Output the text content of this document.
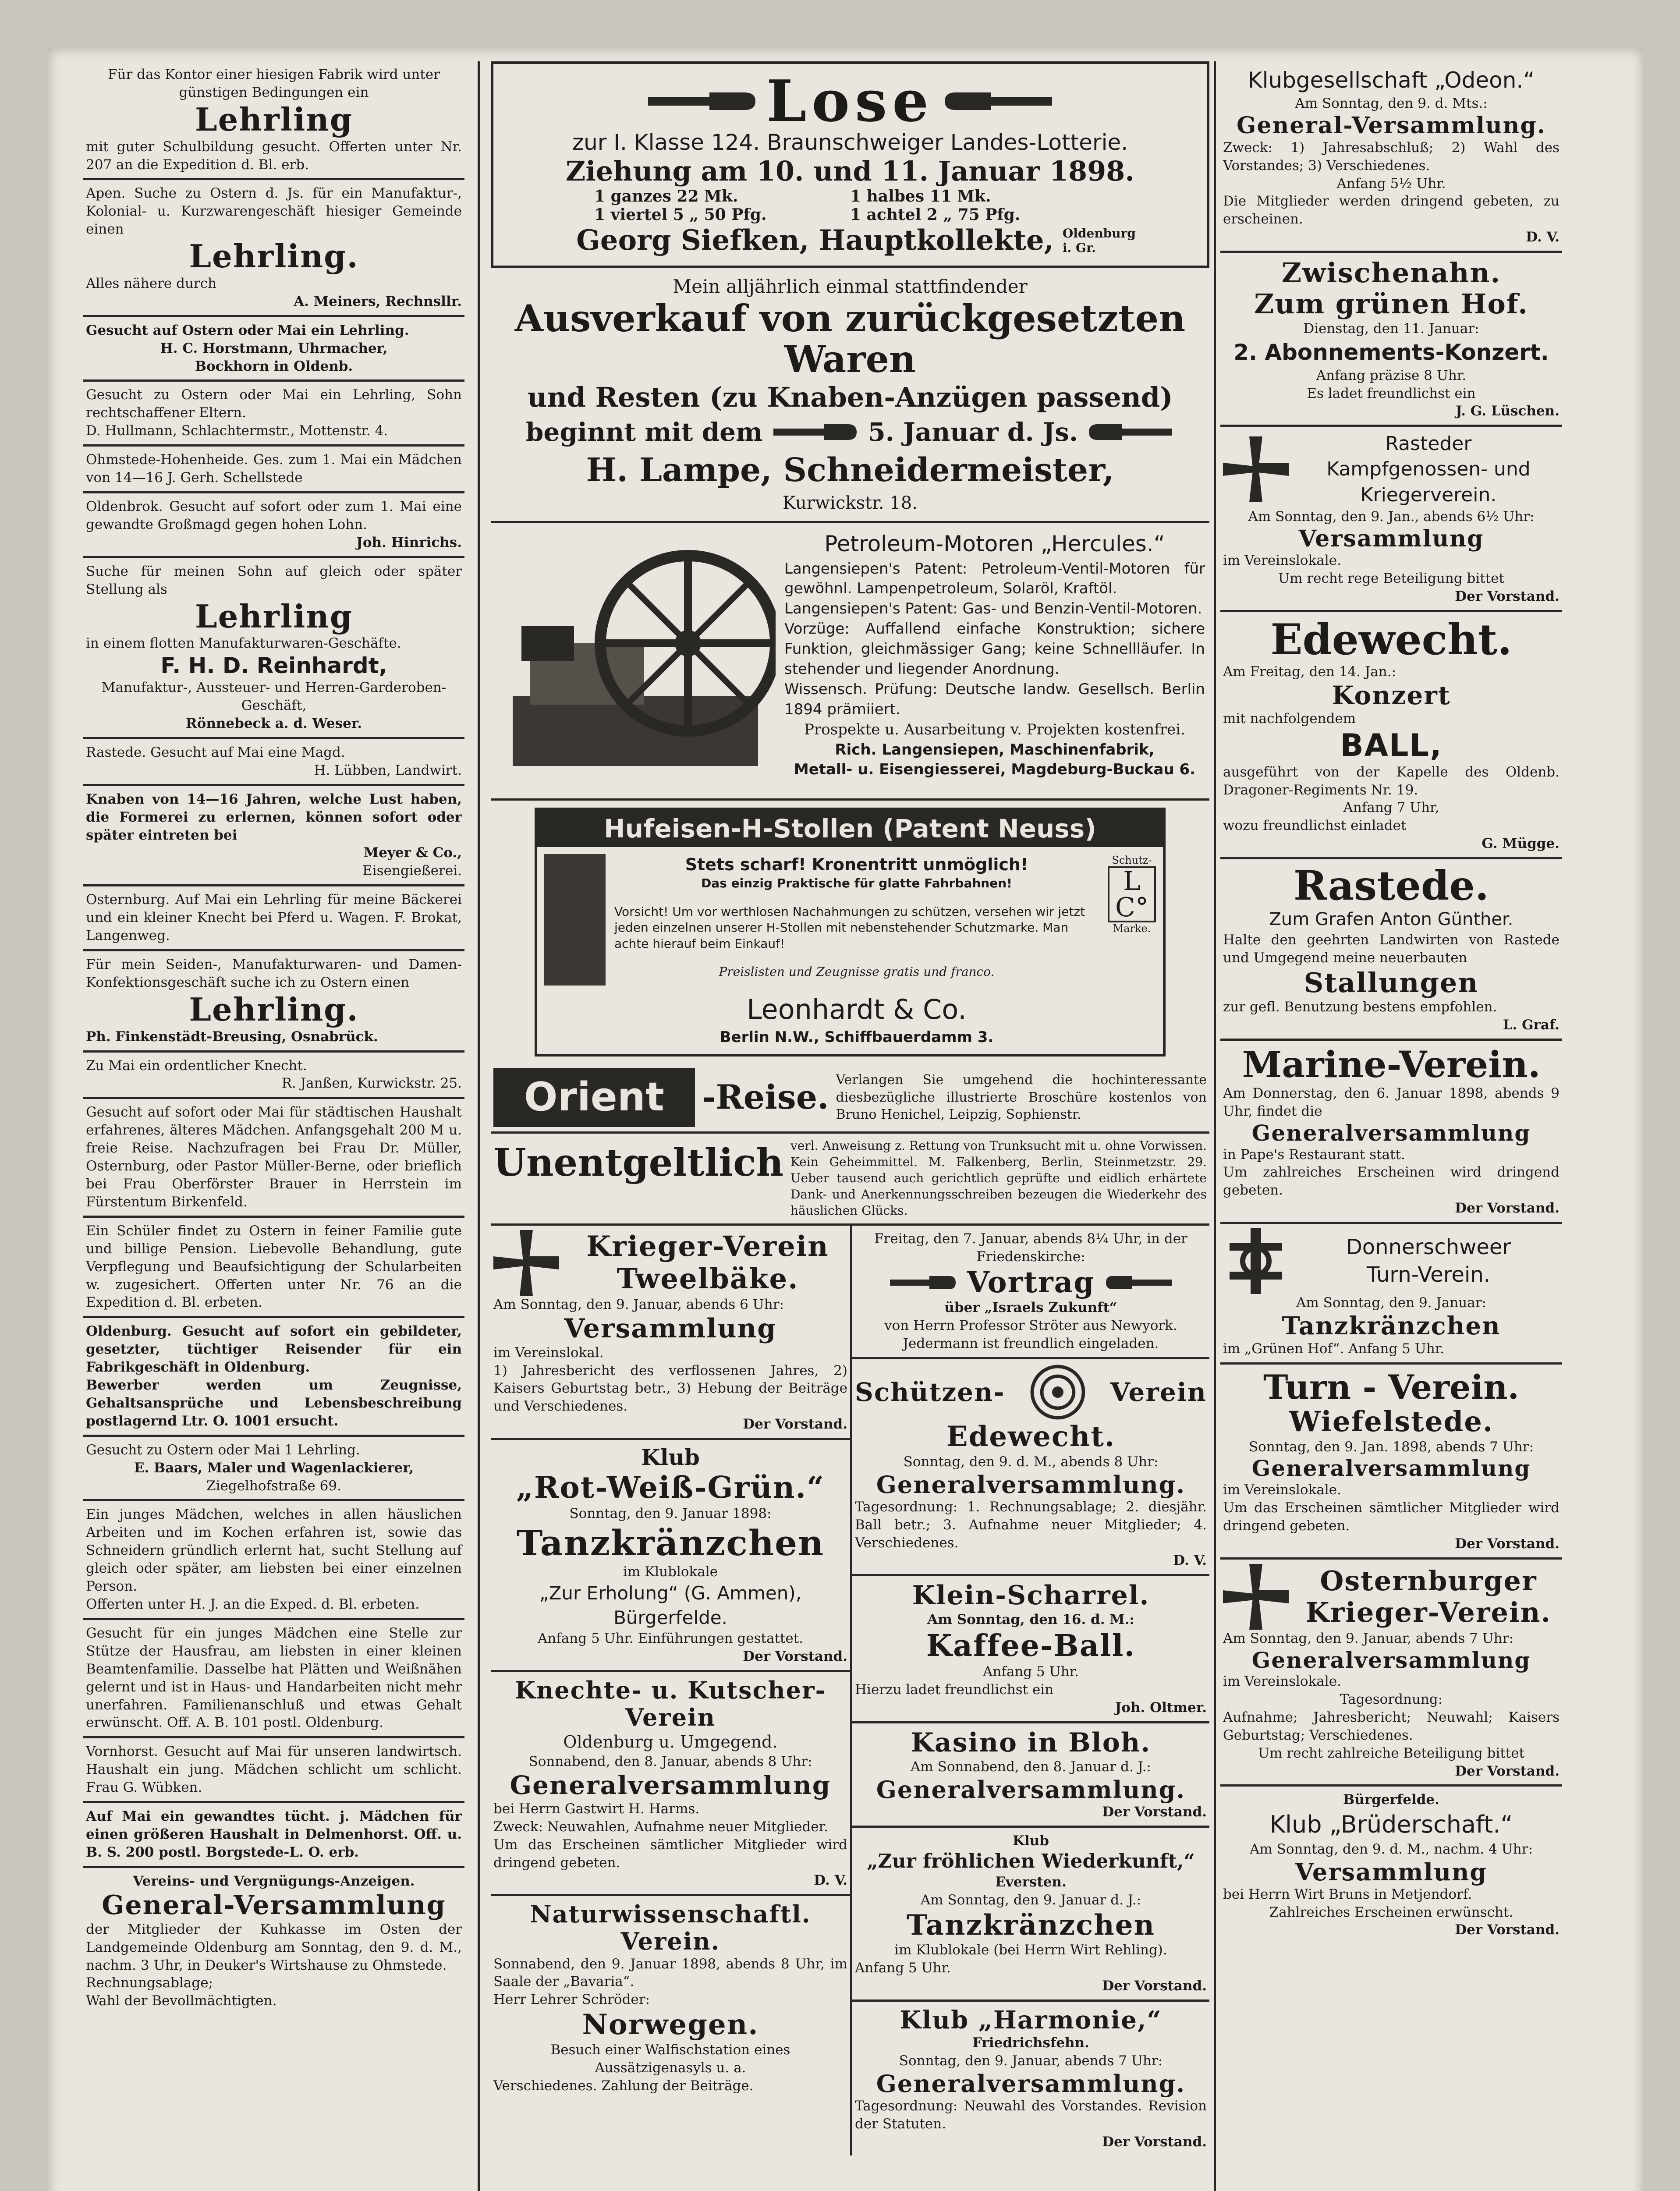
Für das Kontor einer hiesigen Fabrik wird unter günstigen Bedingungen ein

Lehrling

mit guter Schulbildung gesucht. Offerten unter Nr. 207 an die Expedition d. Bl. erb.

Apen. Suche zu Ostern d. Js. für ein Manufaktur-, Kolonial- u. Kurzwarengeschäft hiesiger Gemeinde einen

Lehrling.

Alles nähere durch

A. Meiners, Rechnsllr.

Gesucht auf Ostern oder Mai ein Lehrling.

H. C. Horstmann, Uhrmacher,

Bockhorn in Oldenb.

Gesucht zu Ostern oder Mai ein Lehrling, Sohn rechtschaffener Eltern.

D. Hullmann, Schlachtermstr., Mottenstr. 4.

Ohmstede-Hohenheide. Ges. zum 1. Mai ein Mädchen von 14—16 J. Gerh. Schellstede

Oldenbrok. Gesucht auf sofort oder zum 1. Mai eine gewandte Großmagd gegen hohen Lohn.

Joh. Hinrichs.

Suche für meinen Sohn auf gleich oder später Stellung als

Lehrling

in einem flotten Manufakturwaren-Geschäfte.

F. H. D. Reinhardt,

Manufaktur-, Aussteuer- und Herren-Garderoben-Geschäft,

Rönnebeck a. d. Weser.

Rastede. Gesucht auf Mai eine Magd.

H. Lübben, Landwirt.

Knaben von 14—16 Jahren, welche Lust haben, die Formerei zu erlernen, können sofort oder später eintreten bei

Meyer & Co.,

Eisengießerei.

Osternburg. Auf Mai ein Lehrling für meine Bäckerei und ein kleiner Knecht bei Pferd u. Wagen. F. Brokat, Langenweg.

Für mein Seiden-, Manufakturwaren- und Damen-Konfektionsgeschäft suche ich zu Ostern einen

Lehrling.

Ph. Finkenstädt-Breusing, Osnabrück.

Zu Mai ein ordentlicher Knecht.

R. Janßen, Kurwickstr. 25.

Gesucht auf sofort oder Mai für städtischen Haushalt erfahrenes, älteres Mädchen. Anfangsgehalt 200 M u. freie Reise. Nachzufragen bei Frau Dr. Müller, Osternburg, oder Pastor Müller-Berne, oder brieflich bei Frau Oberförster Brauer in Herrstein im Fürstentum Birkenfeld.

Ein Schüler findet zu Ostern in feiner Familie gute und billige Pension. Liebevolle Behandlung, gute Verpflegung und Beaufsichtigung der Schularbeiten w. zugesichert. Offerten unter Nr. 76 an die Expedition d. Bl. erbeten.

Oldenburg. Gesucht auf sofort ein gebildeter, gesetzter, tüchtiger Reisender für ein Fabrikgeschäft in Oldenburg.

Bewerber werden um Zeugnisse, Gehaltsansprüche und Lebensbeschreibung postlagernd Ltr. O. 1001 ersucht.

Gesucht zu Ostern oder Mai 1 Lehrling.

E. Baars, Maler und Wagenlackierer,

Ziegelhofstraße 69.

Ein junges Mädchen, welches in allen häuslichen Arbeiten und im Kochen erfahren ist, sowie das Schneidern gründlich erlernt hat, sucht Stellung auf gleich oder später, am liebsten bei einer einzelnen Person.

Offerten unter H. J. an die Exped. d. Bl. erbeten.

Gesucht für ein junges Mädchen eine Stelle zur Stütze der Hausfrau, am liebsten in einer kleinen Beamtenfamilie. Dasselbe hat Plätten und Weißnähen gelernt und ist in Haus- und Handarbeiten nicht mehr unerfahren. Familienanschluß und etwas Gehalt erwünscht. Off. A. B. 101 postl. Oldenburg.

Vornhorst. Gesucht auf Mai für unseren landwirtsch. Haushalt ein jung. Mädchen schlicht um schlicht. Frau G. Wübken.

Auf Mai ein gewandtes tücht. j. Mädchen für einen größeren Haushalt in Delmenhorst. Off. u. B. S. 200 postl. Borgstede-L. O. erb.

Vereins- und Vergnügungs-Anzeigen.

General-Versammlung

der Mitglieder der Kuhkasse im Osten der Landgemeinde Oldenburg am Sonntag, den 9. d. M., nachm. 3 Uhr, in Deuker's Wirtshause zu Ohmstede.

Rechnungsablage;

Wahl der Bevollmächtigten.

Lose
zur I. Klasse 124. Braunschweiger Landes-Lotterie.
Ziehung am 10. und 11. Januar 1898.
1 ganzes 22 Mk.	1 halbes 11 Mk.
1 viertel 5 „ 50 Pfg.	1 achtel 2 „ 75 Pfg.
Georg Siefken, Hauptkollekte, Oldenburg i. Gr.

Mein alljährlich einmal stattfindender

Ausverkauf von zurückgesetzten Waren
und Resten (zu Knaben-Anzügen passend)
beginnt mit dem	5. Januar d. Js.
H. Lampe, Schneidermeister,
Kurwickstr. 18.
Petroleum-Motoren „Hercules.“

Langensiepen's Patent: Petroleum-Ventil-Motoren für gewöhnl. Lampenpetroleum, Solaröl, Kraftöl.

Langensiepen's Patent: Gas- und Benzin-Ventil-Motoren.

Vorzüge: Auffallend einfache Konstruktion; sichere Funktion, gleichmässiger Gang; keine Schnellläufer. In stehender und liegender Anordnung.

Wissensch. Prüfung: Deutsche landw. Gesellsch. Berlin 1894 prämiiert.

Prospekte u. Ausarbeitung v. Projekten kostenfrei.

Rich. Langensiepen, Maschinenfabrik,

Metall- u. Eisengiesserei, Magdeburg-Buckau 6.

Hufeisen-H-Stollen (Patent Neuss)
Stets scharf! Kronentritt unmöglich!
Das einzig Praktische für glatte Fahrbahnen!

Vorsicht! Um vor werthlosen Nachahmungen zu schützen, versehen wir jetzt jeden einzelnen unserer H-Stollen mit nebenstehender Schutzmarke. Man achte hierauf beim Einkauf!

Preislisten und Zeugnisse gratis und franco.

Leonhardt & Co.
Berlin N.W., Schiffbauerdamm 3.
Schutz-
L
C°
Marke.
Orient	-Reise. Verlangen Sie umgehend die hochinteressante diesbezügliche illustrierte Broschüre kostenlos von Bruno Henichel, Leipzig, Sophienstr.

Unentgeltlich verl. Anweisung z. Rettung von Trunksucht mit u. ohne Vorwissen. Kein Geheimmittel. M. Falkenberg, Berlin, Steinmetzstr. 29. Ueber tausend auch gerichtlich geprüfte und eidlich erhärtete Dank- und Anerkennungsschreiben bezeugen die Wiederkehr des häuslichen Glücks.

Krieger-Verein
Tweelbäke.

Am Sonntag, den 9. Januar, abends 6 Uhr:

Versammlung

im Vereinslokal.

1) Jahresbericht des verflossenen Jahres, 2) Kaisers Geburtstag betr., 3) Hebung der Beiträge und Verschiedenes.

Der Vorstand.

Klub
„Rot-Weiß-Grün.“

Sonntag, den 9. Januar 1898:

Tanzkränzchen

im Klublokale

„Zur Erholung“ (G. Ammen),
Bürgerfelde.

Anfang 5 Uhr. Einführungen gestattet.

Der Vorstand.

Knechte- u. Kutscher-Verein

Oldenburg u. Umgegend.

Sonnabend, den 8. Januar, abends 8 Uhr:

Generalversammlung

bei Herrn Gastwirt H. Harms.

Zweck: Neuwahlen, Aufnahme neuer Mitglieder.

Um das Erscheinen sämtlicher Mitglieder wird dringend gebeten.

D. V.

Naturwissenschaftl. Verein.

Sonnabend, den 9. Januar 1898, abends 8 Uhr, im Saale der „Bavaria“.

Herr Lehrer Schröder:

Norwegen.

Besuch einer Walfischstation eines Aussätzigenasyls u. a.

Verschiedenes. Zahlung der Beiträge.

Freitag, den 7. Januar, abends 8¼ Uhr, in der Friedenskirche:

Vortrag

über „Israels Zukunft“

von Herrn Professor Ströter aus Newyork. Jedermann ist freundlich eingeladen.

Schützen-	Verein
Edewecht.

Sonntag, den 9. d. M., abends 8 Uhr:

Generalversammlung.

Tagesordnung: 1. Rechnungsablage; 2. diesjähr. Ball betr.; 3. Aufnahme neuer Mitglieder; 4. Verschiedenes.

D. V.

Klein-Scharrel.

Am Sonntag, den 16. d. M.:

Kaffee-Ball.

Anfang 5 Uhr.

Hierzu ladet freundlichst ein

Joh. Oltmer.

Kasino in Bloh.

Am Sonnabend, den 8. Januar d. J.:

Generalversammlung.

Der Vorstand.

Klub

„Zur fröhlichen Wiederkunft,“

Eversten.

Am Sonntag, den 9. Januar d. J.:

Tanzkränzchen

im Klublokale (bei Herrn Wirt Rehling).

Anfang 5 Uhr.

Der Vorstand.

Klub „Harmonie,“

Friedrichsfehn.

Sonntag, den 9. Januar, abends 7 Uhr:

Generalversammlung.

Tagesordnung: Neuwahl des Vorstandes. Revision der Statuten.

Der Vorstand.

Klubgesellschaft „Odeon.“

Am Sonntag, den 9. d. Mts.:

General-Versammlung.

Zweck: 1) Jahresabschluß; 2) Wahl des Vorstandes; 3) Verschiedenes.

Anfang 5½ Uhr.

Die Mitglieder werden dringend gebeten, zu erscheinen.

D. V.

Zwischenahn.
Zum grünen Hof.

Dienstag, den 11. Januar:

2. Abonnements-Konzert.

Anfang präzise 8 Uhr.

Es ladet freundlichst ein

J. G. Lüschen.

Rasteder
Kampfgenossen- und
Kriegerverein.

Am Sonntag, den 9. Jan., abends 6½ Uhr:

Versammlung

im Vereinslokale.

Um recht rege Beteiligung bittet

Der Vorstand.

Edewecht.

Am Freitag, den 14. Jan.:

Konzert

mit nachfolgendem

BALL,

ausgeführt von der Kapelle des Oldenb. Dragoner-Regiments Nr. 19.

Anfang 7 Uhr,

wozu freundlichst einladet

G. Mügge.

Rastede.
Zum Grafen Anton Günther.

Halte den geehrten Landwirten von Rastede und Umgegend meine neuerbauten

Stallungen

zur gefl. Benutzung bestens empfohlen.

L. Graf.

Marine-Verein.

Am Donnerstag, den 6. Januar 1898, abends 9 Uhr, findet die

Generalversammlung

in Pape's Restaurant statt.

Um zahlreiches Erscheinen wird dringend gebeten.

Der Vorstand.

Donnerschweer
Turn-Verein.

Am Sonntag, den 9. Januar:

Tanzkränzchen

im „Grünen Hof“. Anfang 5 Uhr.

Turn - Verein.
Wiefelstede.

Sonntag, den 9. Jan. 1898, abends 7 Uhr:

Generalversammlung

im Vereinslokale.

Um das Erscheinen sämtlicher Mitglieder wird dringend gebeten.

Der Vorstand.

Osternburger
Krieger-Verein.

Am Sonntag, den 9. Januar, abends 7 Uhr:

Generalversammlung

im Vereinslokale.

Tagesordnung:

Aufnahme; Jahresbericht; Neuwahl; Kaisers Geburtstag; Verschiedenes.

Um recht zahlreiche Beteiligung bittet

Der Vorstand.

Bürgerfelde.

Klub „Brüderschaft.“

Am Sonntag, den 9. d. M., nachm. 4 Uhr:

Versammlung

bei Herrn Wirt Bruns in Metjendorf.

Zahlreiches Erscheinen erwünscht.

Der Vorstand.
